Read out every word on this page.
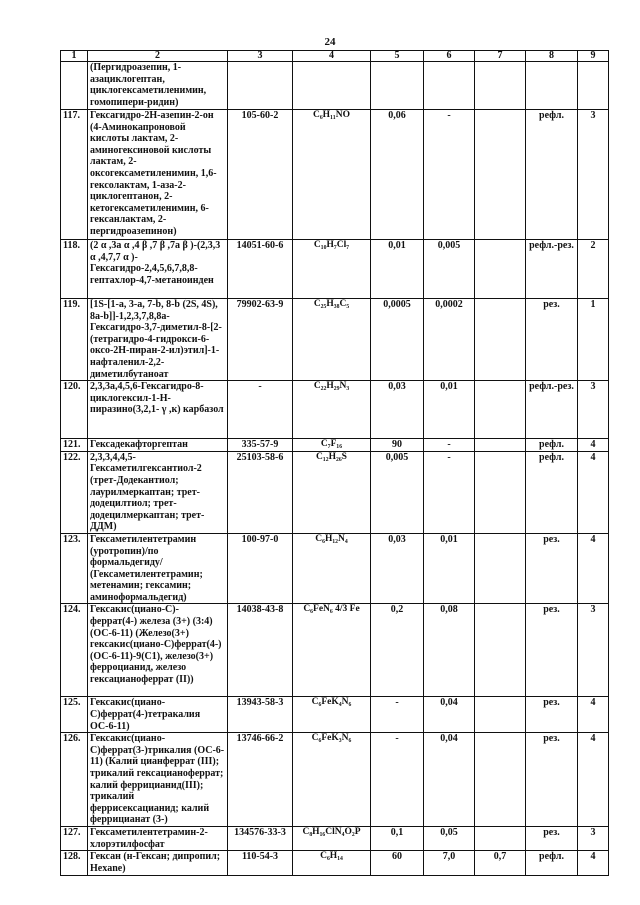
24
1	2	3	4	5	6	7	8	9
	(Пергидроазепин, 1-азациклогептан, циклогексаметиленимин, гомопипери-ридин)							
117.	Гексагидро-2Н-азепин-2-он (4-Аминокапроновой кислоты лактам, 2-аминогексиновой кислоты лактам, 2-оксогексаметиленимин, 1,6-гексолактам, 1-аза-2-циклогептанон, 2-кетогексаметиленимин, 6-гексанлактам, 2-пергидроазепинон)	105-60-2	C₆H₁₁NO	0,06	-		рефл.	3
118.	(2 α ,3a α ,4 β ,7 β ,7a β )-(2,3,3 α ,4,7,7 α )-Гексагидро-2,4,5,6,7,8,8-гептахлор-4,7-метаноинден	14051-60-6	C₁₀H₇Cl₇	0,01	0,005		рефл.-рез.	2
119.	[1S-[1-a, 3-a, 7-b, 8-b (2S, 4S), 8a-b]]-1,2,3,7,8,8a-Гексагидро-3,7-диметил-8-[2-(тетрагидро-4-гидрокси-6-оксо-2Н-пиран-2-ил)этил]-1-нафталенил-2,2-диметилбутаноат	79902-63-9	C₂₅H₃₈C₅	0,0005	0,0002		рез.	1
120.	2,3,3a,4,5,6-Гексагидро-8-циклогексил-1-Н-пиразино(3,2,1- γ ,к) карбазол	-	C₂₂H₂₉N₃	0,03	0,01		рефл.-рез.	3
121.	Гексадекафторгептан	335-57-9	C₇F₁₆	90	-		рефл.	4
122.	2,3,3,4,4,5-Гексаметилгексантиол-2 (трет-Додекантиол; лаурилмеркаптан; трет-додецилтиол; трет-додецилмеркаптан; трет-ДДМ)	25103-58-6	C₁₂H₂₆S	0,005	-		рефл.	4
123.	Гексаметилентетрамин (уротропин)/по формальдегиду/ (Гексаметилентетрамин; метенамин; гексамин; аминоформальдегид)	100-97-0	C₆H₁₂N₄	0,03	0,01		рез.	4
124.	Гексакис(циано-С)-феррат(4-) железа (3+) (3:4) (ОС-6-11) (Железо(3+) гексакис(циано-С)феррат(4-)(ОС-6-11)-9(С1), железо(3+) ферроцианид, железо гексацианоферрат (II))	14038-43-8	C₆FeN₆ 4/3 Fe	0,2	0,08		рез.	3
125.	Гексакис(циано-С)феррат(4-)тетракалия ОС-6-11)	13943-58-3	C₆FeK₄N₆	-	0,04		рез.	4
126.	Гексакис(циано-С)феррат(3-)трикалия (ОС-6-11) (Калий цианферрат (III); трикалий гексацианоферрат; калий феррицианид(III); трикалий феррисексацианид; калий феррицианат (3-)	13746-66-2	C₆FeK₃N₆	-	0,04		рез.	4
127.	Гексаметилентетрамин-2-хлорэтилфосфат	134576-33-3	C₈H₁₆ClN₄O₂P	0,1	0,05		рез.	3
128.	Гексан (н-Гексан; дипропил; Hexane)	110-54-3	C₆H₁₄	60	7,0	0,7	рефл.	4
